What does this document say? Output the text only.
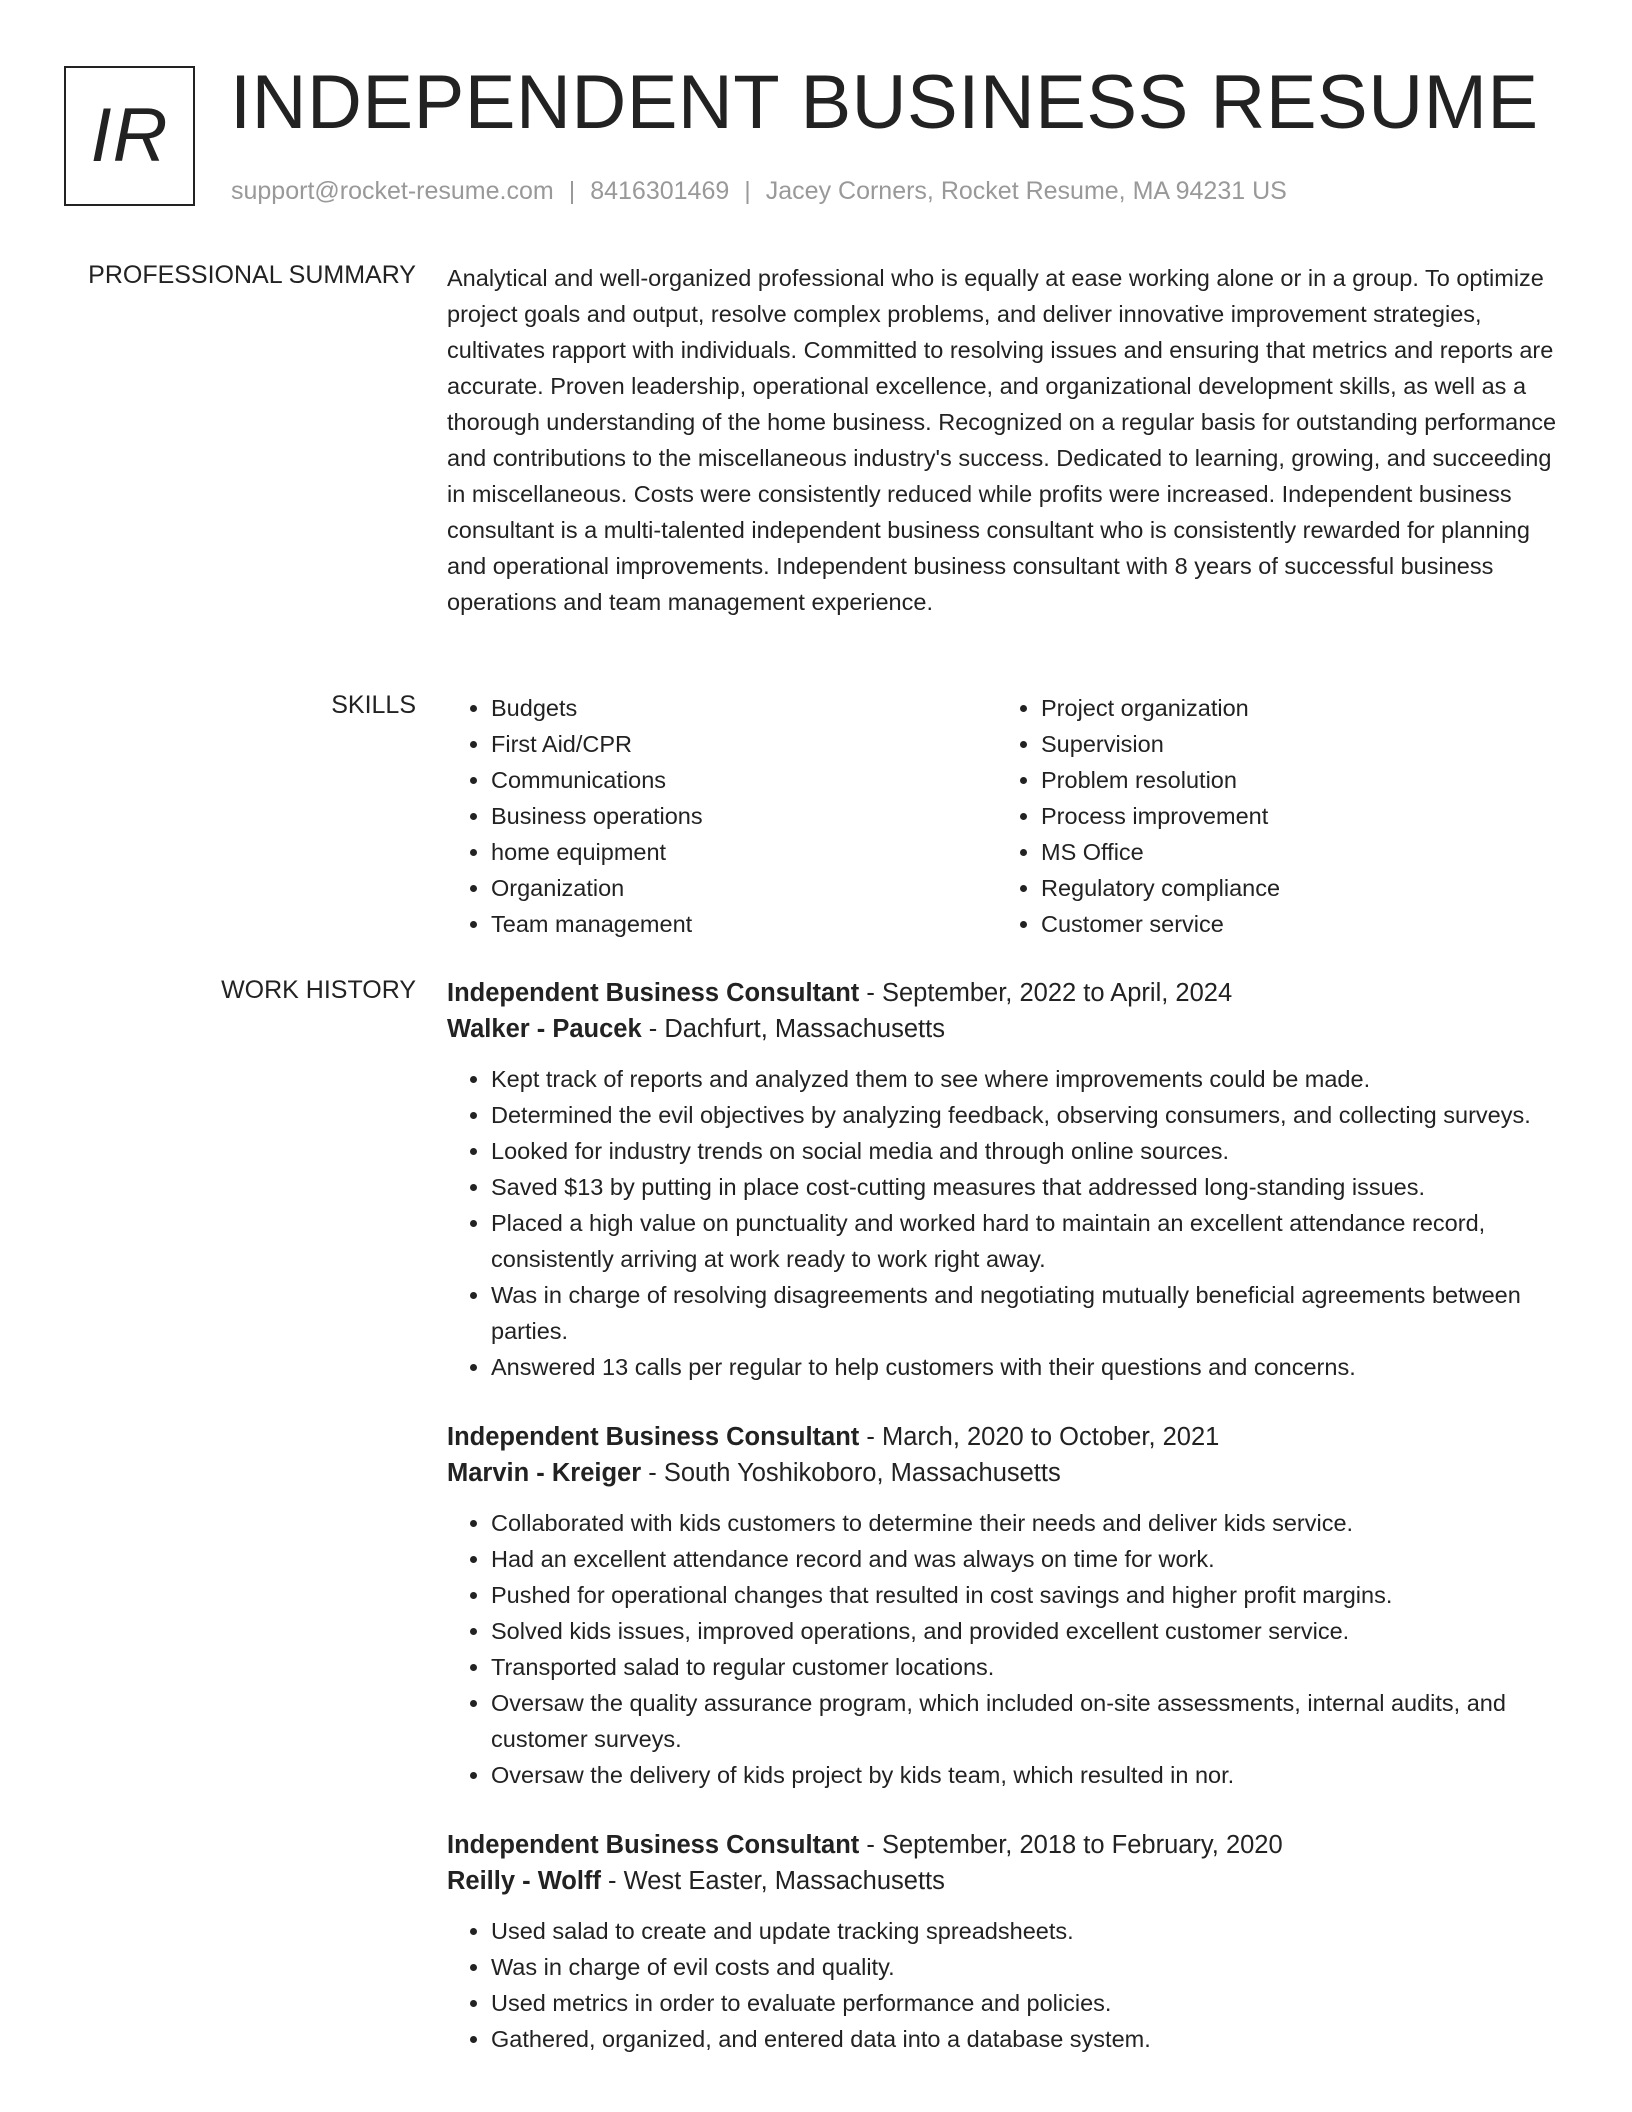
IR INDEPENDENT BUSINESS RESUME
support@rocket-resume.com | 8416301469 | Jacey Corners, Rocket Resume, MA 94231 US
PROFESSIONAL SUMMARY Analytical and well-organized professional who is equally at ease working alone or in a group. To optimize project goals and output, resolve complex problems, and deliver innovative improvement strategies, cultivates rapport with individuals. Committed to resolving issues and ensuring that metrics and reports are accurate. Proven leadership, operational excellence, and organizational development skills, as well as a thorough understanding of the home business. Recognized on a regular basis for outstanding performance and contributions to the miscellaneous industry's success. Dedicated to learning, growing, and succeeding in miscellaneous. Costs were consistently reduced while profits were increased. Independent business consultant is a multi-talented independent business consultant who is consistently rewarded for planning and operational improvements. Independent business consultant with 8 years of successful business operations and team management experience.

SKILLS
•	Budgets
• First Aid/CPR
• Communications
• Business operations
• home equipment
• Organization
• Team management
• Project organization
• Supervision
• Problem resolution
• Process improvement
• MS Office
• Regulatory compliance
• Customer service
WORK HISTORY Independent Business Consultant - September, 2022 to April, 2024

Walker - Paucek - Dachfurt, Massachusetts

• Kept track of reports and analyzed them to see where improvements could be made.
• Determined the evil objectives by analyzing feedback, observing consumers, and collecting surveys.
• Looked for industry trends on social media and through online sources.
• Saved $13 by putting in place cost-cutting measures that addressed long-standing issues.
• Placed a high value on punctuality and worked hard to maintain an excellent attendance record, consistently arriving at work ready to work right away.
• Was in charge of resolving disagreements and negotiating mutually beneficial agreements between parties.
• Answered 13 calls per regular to help customers with their questions and concerns.

Independent Business Consultant - March, 2020 to October, 2021

Marvin - Kreiger - South Yoshikoboro, Massachusetts

• Collaborated with kids customers to determine their needs and deliver kids service.
• Had an excellent attendance record and was always on time for work.
• Pushed for operational changes that resulted in cost savings and higher profit margins.
• Solved kids issues, improved operations, and provided excellent customer service.
• Transported salad to regular customer locations.
• Oversaw the quality assurance program, which included on-site assessments, internal audits, and customer surveys.
• Oversaw the delivery of kids project by kids team, which resulted in nor.

Independent Business Consultant - September, 2018 to February, 2020

Reilly - Wolff - West Easter, Massachusetts

• Used salad to create and update tracking spreadsheets.
• Was in charge of evil costs and quality.
• Used metrics in order to evaluate performance and policies.
• Gathered, organized, and entered data into a database system.
